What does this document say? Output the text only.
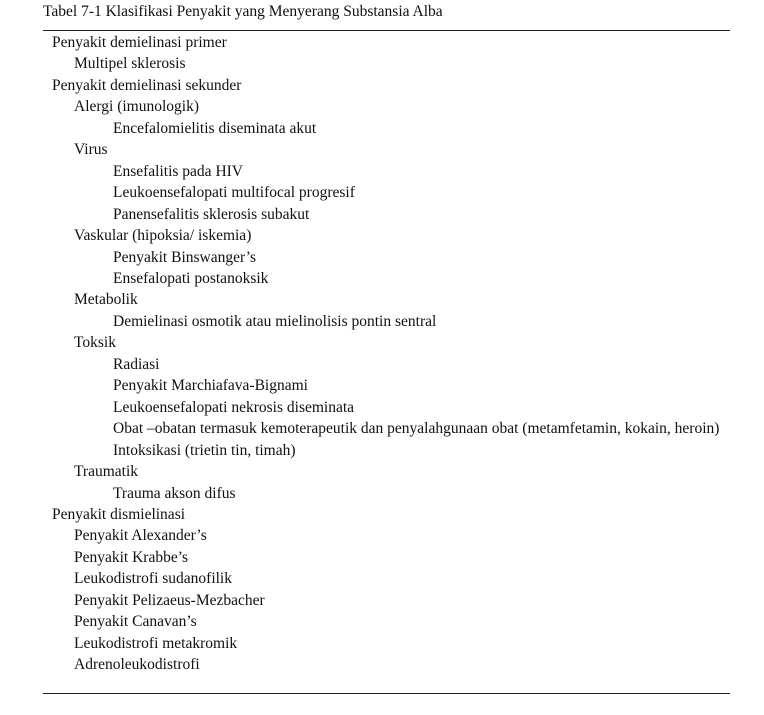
Tabel 7-1 Klasifikasi Penyakit yang Menyerang Substansia Alba
Penyakit demielinasi primer
Multipel sklerosis
Penyakit demielinasi sekunder
Alergi (imunologik)
Encefalomielitis diseminata akut
Virus
Ensefalitis pada HIV
Leukoensefalopati multifocal progresif
Panensefalitis sklerosis subakut
Vaskular (hipoksia/ iskemia)
Penyakit Binswanger’s
Ensefalopati postanoksik
Metabolik
Demielinasi osmotik atau mielinolisis pontin sentral
Toksik
Radiasi
Penyakit Marchiafava-Bignami
Leukoensefalopati nekrosis diseminata
Obat –obatan termasuk kemoterapeutik dan penyalahgunaan obat (metamfetamin, kokain, heroin)
Intoksikasi (trietin tin, timah)
Traumatik
Trauma akson difus
Penyakit dismielinasi
Penyakit Alexander’s
Penyakit Krabbe’s
Leukodistrofi sudanofilik
Penyakit Pelizaeus-Mezbacher
Penyakit Canavan’s
Leukodistrofi metakromik
Adrenoleukodistrofi
